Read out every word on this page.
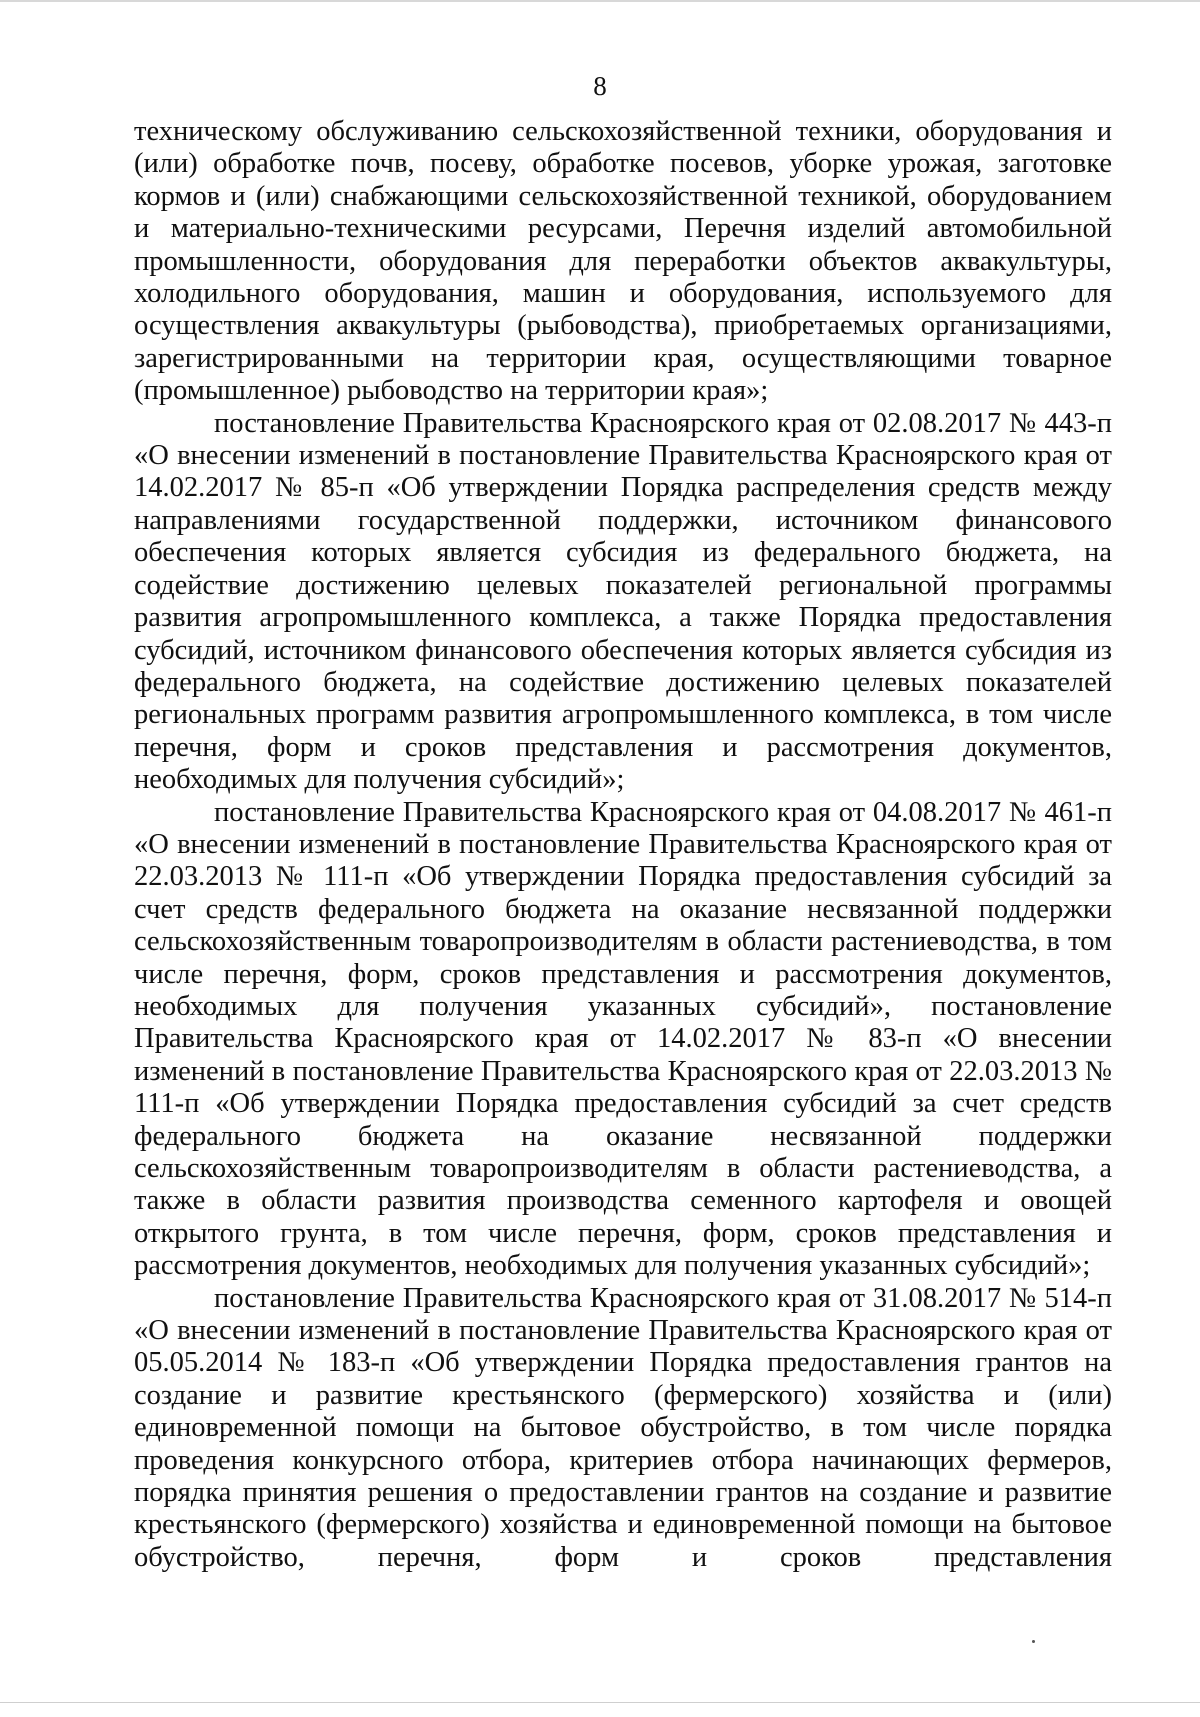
8

техническому обслуживанию сельскохозяйственной техники, оборудования и (или) обработке почв, посеву, обработке посевов, уборке урожая, заготовке кормов и (или) снабжающими сельскохозяйственной техникой, оборудованием и материально-техническими ресурсами, Перечня изделий автомобильной промышленности, оборудования для переработки объектов аквакультуры, холодильного оборудования, машин и оборудования, используемого для осуществления аквакультуры (рыбоводства), приобретаемых организациями, зарегистрированными на территории края, осуществляющими товарное (промышленное) рыбоводство на территории края»;

постановление Правительства Красноярского края от 02.08.2017 № 443-п «О внесении изменений в постановление Правительства Красноярского края от 14.02.2017 № 85-п «Об утверждении Порядка распределения средств между направлениями государственной поддержки, источником финансового обеспечения которых является субсидия из федерального бюджета, на содействие достижению целевых показателей региональной программы развития агропромышленного комплекса, а также Порядка предоставления субсидий, источником финансового обеспечения которых является субсидия из федерального бюджета, на содействие достижению целевых показателей региональных программ развития агропромышленного комплекса, в том числе перечня, форм и сроков представления и рассмотрения документов, необходимых для получения субсидий»;

постановление Правительства Красноярского края от 04.08.2017 № 461-п «О внесении изменений в постановление Правительства Красноярского края от 22.03.2013 № 111-п «Об утверждении Порядка предоставления субсидий за счет средств федерального бюджета на оказание несвязанной поддержки сельскохозяйственным товаропроизводителям в области растениеводства, в том числе перечня, форм, сроков представления и рассмотрения документов, необходимых для получения указанных субсидий», постановление Правительства Красноярского края от 14.02.2017 № 83-п «О внесении изменений в постановление Правительства Красноярского края от 22.03.2013 № 111-п «Об утверждении Порядка предоставления субсидий за счет средств федерального бюджета на оказание несвязанной поддержки сельскохозяйственным товаропроизводителям в области растениеводства, а также в области развития производства семенного картофеля и овощей открытого грунта, в том числе перечня, форм, сроков представления и рассмотрения документов, необходимых для получения указанных субсидий»;

постановление Правительства Красноярского края от 31.08.2017 № 514-п «О внесении изменений в постановление Правительства Красноярского края от 05.05.2014 № 183-п «Об утверждении Порядка предоставления грантов на создание и развитие крестьянского (фермерского) хозяйства и (или) единовременной помощи на бытовое обустройство, в том числе порядка проведения конкурсного отбора, критериев отбора начинающих фермеров, порядка принятия решения о предоставлении грантов на создание и развитие крестьянского (фермерского) хозяйства и единовременной помощи на бытовое обустройство, перечня, форм и сроков представления
